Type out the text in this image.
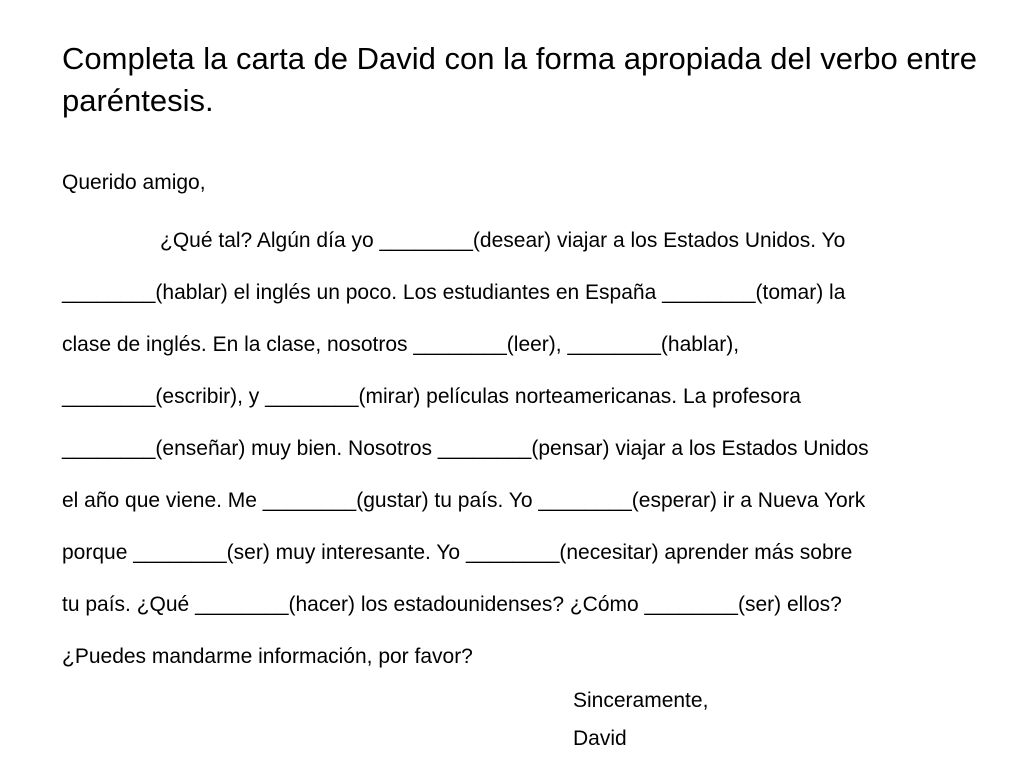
Completa la carta de David con la forma apropiada del verbo entre paréntesis.

Querido amigo,

¿Qué tal? Algún día yo ________(desear) viajar a los Estados Unidos. Yo

________(hablar) el inglés un poco. Los estudiantes en España ________(tomar) la

clase de inglés. En la clase, nosotros ________(leer), ________(hablar),

________(escribir), y ________(mirar) películas norteamericanas. La profesora

________(enseñar) muy bien. Nosotros ________(pensar) viajar a los Estados Unidos

el año que viene. Me ________(gustar) tu país. Yo ________(esperar) ir a Nueva York

porque ________(ser) muy interesante. Yo ________(necesitar) aprender más sobre

tu país. ¿Qué ________(hacer) los estadounidenses? ¿Cómo ________(ser) ellos?

¿Puedes mandarme información, por favor?

Sinceramente,

David
